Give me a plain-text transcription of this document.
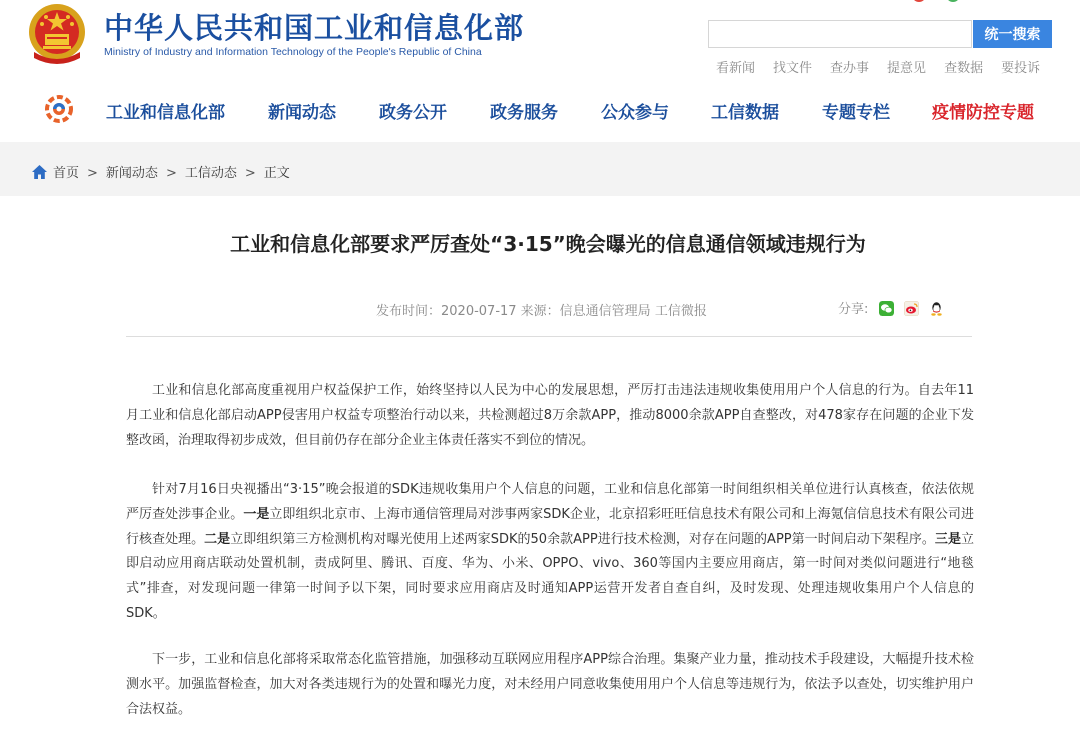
中华人民共和国工业和信息化部
Ministry of Industry and Information Technology of the People's Republic of China
统一搜索
看新闻 找文件 查办事 提意见 查数据 要投诉
工业和信息化部	新闻动态	政务公开	政务服务	公众参与 工信数据	专题专栏 疫情防控专题
首页 > 新闻动态 > 工信动态 > 正文
工业和信息化部要求严厉查处“3·15”晚会曝光的信息通信领域违规行为
发布时间：2020-07-17 来源：信息通信管理局 工信微报	分享:
工业和信息化部高度重视用户权益保护工作，始终坚持以人民为中心的发展思想，严厉打击违法违规收集使用用户个人信息的行为。自去年11月工业和信息化部启动APP侵害用户权益专项整治行动以来，共检测超过8万余款APP，推动8000余款APP自查整改，对478家存在问题的企业下发整改函，治理取得初步成效，但目前仍存在部分企业主体责任落实不到位的情况。
针对7月16日央视播出“3·15”晚会报道的SDK违规收集用户个人信息的问题，工业和信息化部第一时间组织相关单位进行认真核查，依法依规严厉查处涉事企业。一是立即组织北京市、上海市通信管理局对涉事两家SDK企业，北京招彩旺旺信息技术有限公司和上海氪信信息技术有限公司进行核查处理。二是立即组织第三方检测机构对曝光使用上述两家SDK的50余款APP进行技术检测，对存在问题的APP第一时间启动下架程序。三是立即启动应用商店联动处置机制，责成阿里、腾讯、百度、华为、小米、OPPO、vivo、360等国内主要应用商店，第一时间对类似问题进行“地毯式”排查，对发现问题一律第一时间予以下架，同时要求应用商店及时通知APP运营开发者自查自纠，及时发现、处理违规收集用户个人信息的SDK。
下一步，工业和信息化部将采取常态化监管措施，加强移动互联网应用程序APP综合治理。集聚产业力量，推动技术手段建设，大幅提升技术检测水平。加强监督检查，加大对各类违规行为的处置和曝光力度，对未经用户同意收集使用用户个人信息等违规行为，依法予以查处，切实维护用户合法权益。
